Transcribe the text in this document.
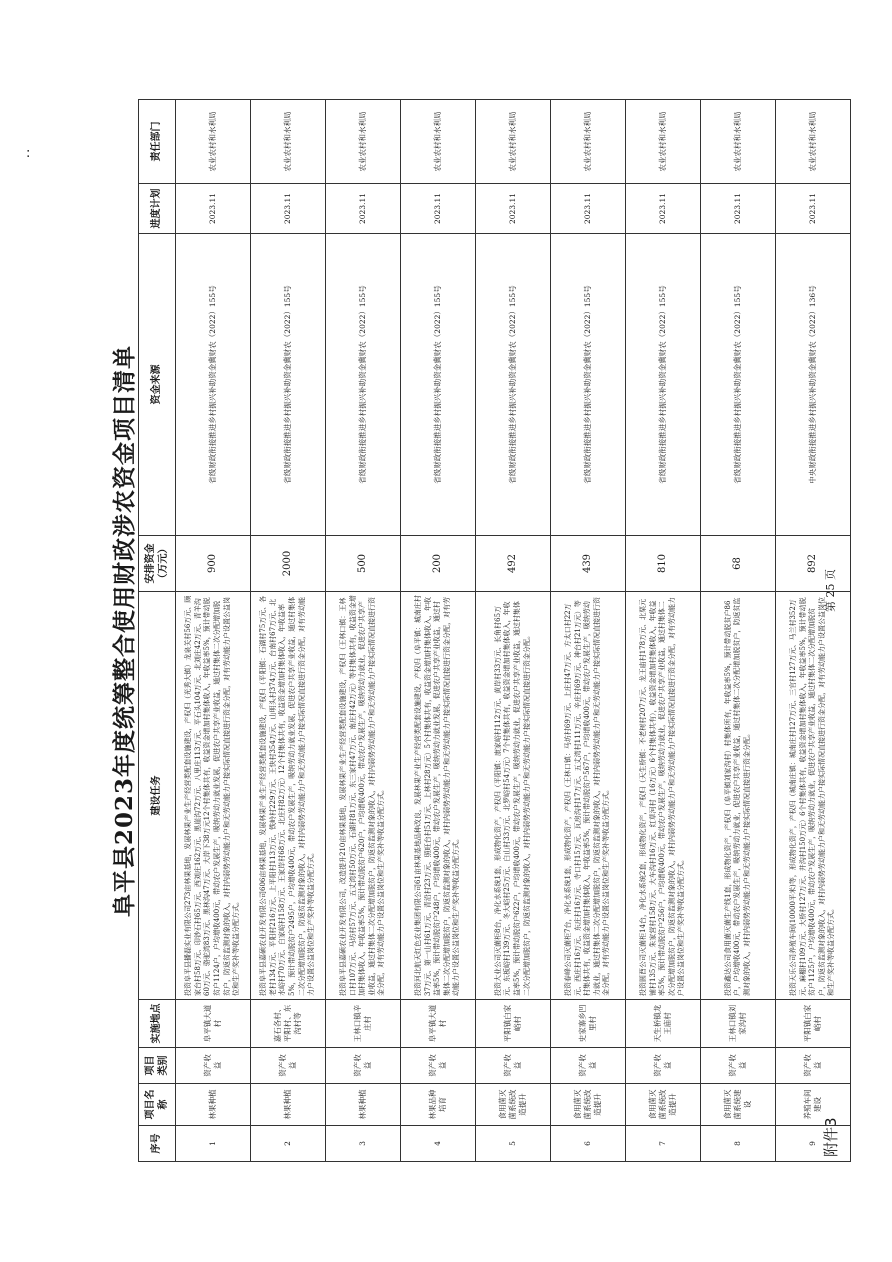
:
附件3
阜平县2023年度统筹整合使用财政涉农资金项目清单
序号	项目名称	项目类别	实施地点	建设任务	安排资金（万元）	资金来源	进度计划	责任部门
1	林果种植	资产收益	阜平镇大道村	投资阜平县播磊实业有限公司273亩林果基地，发展林果产业生产经营类配套设施建设，产权归（光秀大镇）龙泉关村56万元、顾家台村58万元、印钞石村65万元、西刘庄162万元、黑崖沟72万元、八里庄113万元、平石头104万元、北刘庄42万元、青羊沟60万元、骆驼湾83万元、黑林沟47万元、大岸下38万元12个村集体共有，收益资金增加村集体收入，年收益率5%，预计带动脱贫户1124户，户均增收400元，带动农户发展生产，吸纳劳动力就业发展，促进农户共享产业收益，通过村集体二次分配增加脱贫户，防返贫监测对象的收入，对村内弱势劳动能力户和无劳动能力户接实际情况直接进行资金分配，对有劳动能力户设置公益岗位和生产奖补等收益分配方式。	900	省级财政衔接推进乡村振兴补助资金冀财农（2022）155号	2023.11	农业农村和水利局
2	林果种植	资产收益	嘉石各村、平阳村、东沟村等	投资阜平县嘉硕农业开发有限公司606亩林果基地，发展林果产业生产经营类配套设施建设，产权归（平阳镇：石湖村75万元、各老村134万元、平阳村216万元、上平阳村113万元、铁岭村229万元、王快村354万元、山明头村374万元、台南村67万元、北水峪村70万元、白家峪村158万元、王家岸村68万元、北庄村82万元）12个村集体共有，收益资金增加村集体收入，年收益率5%，预计带动脱贫户2495户，户均增收400元，带动农户发展生产，吸纳劳动力就业发展，促进农户共享产业收益，通过村集体二次分配增加脱贫户，防返贫监测对象的收入，对村内弱势劳动能力户和无劳动能力户接实际情况直接进行资金分配，对有劳动能力户设置公益岗位和生产奖补等收益分配方式。	2000	省级财政衔接推进乡村振兴补助资金冀财农（2022）155号	2023.11	农业农村和水利局
3	林果种植	资产收益	王林口镇辛庄村	投资阜平县嘉硕农业开发有限公司，改造提升210亩林果基地，发展林果产业生产经营类配套设施建设，产权归（王林口镇：王林口村107万元、马坊村57万元、五丈湾村50万元、石湖村81万元、东三家村47万元、南庄村42万元）等村集体共有，收益资金增加村集体收入，年收益率5%，预计带动脱贫户620户，户均增收400元，带动农户发展生产，吸纳劳动力就业，促进农户共享产业收益，通过村集体二次分配增加脱贫户，防返贫监测对象的收入，对村内弱势劳动能力户和无劳动能力户接实际情况直接进行资金分配，对有劳动能力户设置公益岗位和生产奖补等收益分配方式。	500	省级财政衔接推进乡村振兴补助资金冀财农（2022）155号	2023.11	农业农村和水利局
4	林果品种培育	资产收益	阜平镇大道村	投资河北航天红色农业集团有限公司61亩林果基地品种改良，发展林果产业生产经营类配套设施建设，产权归（阜平镇：城南庄村37万元、第一山村61万元、青沿村23万元、照旺台村51万元、上林村28万元）5个村集体共有，收益资金增加村集体收入，年收益率5%，预计带动脱贫户248户，户均增收400元，带动农户发展生产，吸纳劳动力就业发展，促进农户共享产业收益，通过村集体二次分配增加脱贫户，防返贫监测对象的收入，对村内弱势劳动能力户和无劳动能力户接实际情况直接进行资金分配，对有劳动能力户设置公益岗位和生产奖补等收益分配方式。	200	省级财政衔接推进乡村振兴补助资金冀财农（2022）155号	2023.11	农业农村和水利局
5	食用菌灭菌系统改造提升	资产收益	平阳镇白家峪村	投资大业公司灭菌柜8台，净化水系统1套，形成物化资产，产权归（平阳镇：康家峪村112万元、黄岸村33万元、长角村65万元、东板峪村139万元、冬大峪村25万元、白山村33万元、北罗峪村54万元）7个村集体共有，收益资金增加村集体收入，年收益率5%，预计带动脱贫户622户，户均增收400元，带动农户发展生产，吸纳劳动力就业，促进农户共享产业收益，通过村集体二次分配增加脱贫户，防返贫监测对象的收入，对村内弱势劳动能力户和无劳动能力户接实际情况直接进行资金分配。	492	省级财政衔接推进乡村振兴补助资金冀财农（2022）155号	2023.11	农业农村和水利局
6	食用菌灭菌系统改造提升	资产收益	史家寨乡凹里村	投资春峰公司灭菌柜7台，净化水系统1套，形成物化资产，产权归（王林口镇：马坊村69万元、上庄村47万元、方太口村22万元、西庄村16万元、东庄村16万元、寺口村15万元、瓦房沟村17万元、五丈湾村111万元、辛庄村69万元、神台村21万元）等村集体共有，收益资金增加村集体收入，年收益率5%，预计带动脱贫户567户，户均增收400元，带动农户发展生产，吸纳劳动力就业，通过村集体二次分配增加脱贫户，防返贫监测对象的收入，对村内弱势劳动能力户和无劳动能力户接实际情况直接进行资金分配，对有劳动能力户设置公益岗位和生产奖补等收益分配方式。	439	省级财政衔接推进乡村振兴补助资金冀财农（2022）155号	2023.11	农业农村和水利局
7	食用菌灭菌系统改造提升	资产收益	天生桥镇龙王庙村	投资圆酉公司灭菌柜14台，净化水系统2套，形成物化资产，产权归（天生桥镇：不老树村207万元、龙王庙村178万元、北栗元铺村135万元、朱家营村158万元、大车沟村16万元、红草河村（16万元）6个村集体共有），收益资金增加村集体收入，年收益率5%，预计带动脱贫户256户，户均增收400元，带动农户发展生产，吸纳劳动力就业，促进农户共享产业收益，通过村集体二次分配增加脱贫户，防返贫监测对象的收入，对村内弱势劳动能力户和无劳动能力户接实际情况直接进行资金分配，对有劳动能力户设置公益岗位和生产奖补等收益分配方式。	810	省级财政衔接推进乡村振兴补助资金冀财农（2022）155号	2023.11	农业农村和水利局
8	食用菌灭菌系统建设	资产收益	王林口镇刘家沟村	投资鑫达公司食用菌灭菌生产线1套，形成物化资产，产权归（阜平镇刘家沟村）村集体所有，年收益率5%，预计带动脱贫户86户，户均增收400元，带动农户发展生产，吸纳劳动力就业，促进农户共享产业收益，通过村集体二次分配增加脱贫户，防返贫监测对象的收入，对村内弱势劳动能力户和无劳动能力户接实际情况直接进行资金分配。	68	省级财政衔接推进乡村振兴补助资金冀财农（2022）155号	2023.11	农业农村和水利局
9	养殖车间建设	资产收益	平阳镇白家峪村	投资天乐公司养殖车间(10000平米)等，形成物化资产，产权归（城南庄镇：城南庄村127万元、三官村127万元、马兰村352万元、麻棚村109万元、大桥村127万元、井沟村150万元）6个村集体共有，收益资金增加村集体收入，年收益率5%，预计带动脱贫户1125户，户均增收400元，带动农户发展生产，吸纳劳动力就业，促进农户共享产业收益，通过村集体二次分配增加脱贫户，防返贫监测对象的收入，对村内弱势劳动能力户和无劳动能力户接实际情况直接进行资金分配，对有劳动能力户设置公益岗位和生产奖补等收益分配方式。	892	中央财政衔接推进乡村振兴补助资金冀财农（2022）136号	2023.11	农业农村和水利局
第 25 页
